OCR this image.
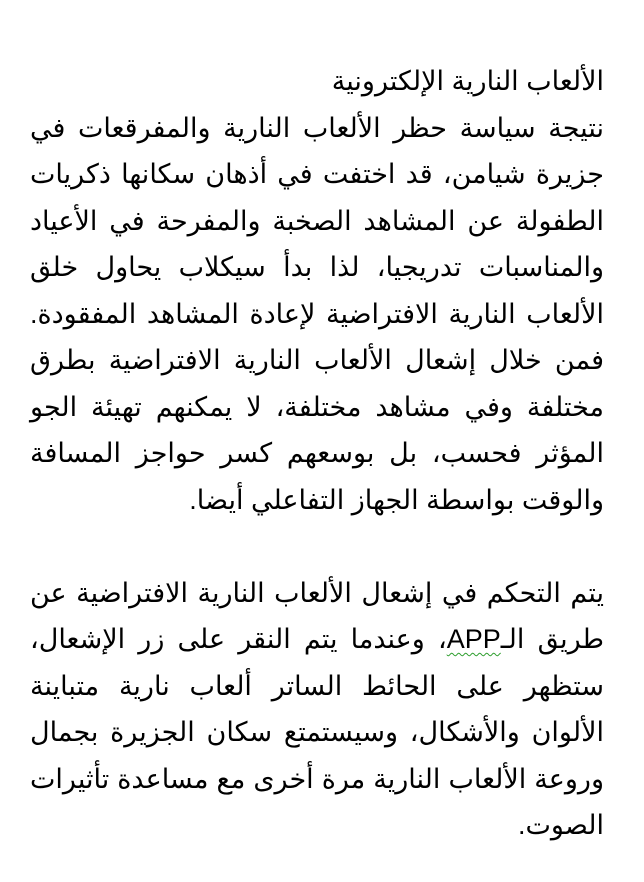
الألعاب النارية الإلكترونية

نتيجة سياسة حظر الألعاب النارية والمفرقعات في جزيرة شيامن، قد اختفت في أذهان سكانها ذكريات الطفولة عن المشاهد الصخبة والمفرحة في الأعياد والمناسبات تدريجيا، لذا بدأ سيكلاب يحاول خلق الألعاب النارية الافتراضية لإعادة المشاهد المفقودة. فمن خلال إشعال الألعاب النارية الافتراضية بطرق مختلفة وفي مشاهد مختلفة، لا يمكنهم تهيئة الجو المؤثر فحسب، بل بوسعهم كسر حواجز المسافة والوقت بواسطة الجهاز التفاعلي أيضا.

يتم التحكم في إشعال الألعاب النارية الافتراضية عن طريق الـAPP، وعندما يتم النقر على زر الإشعال، ستظهر على الحائط الساتر ألعاب نارية متباينة الألوان والأشكال، وسيستمتع سكان الجزيرة بجمال وروعة الألعاب النارية مرة أخرى مع مساعدة تأثيرات الصوت.
